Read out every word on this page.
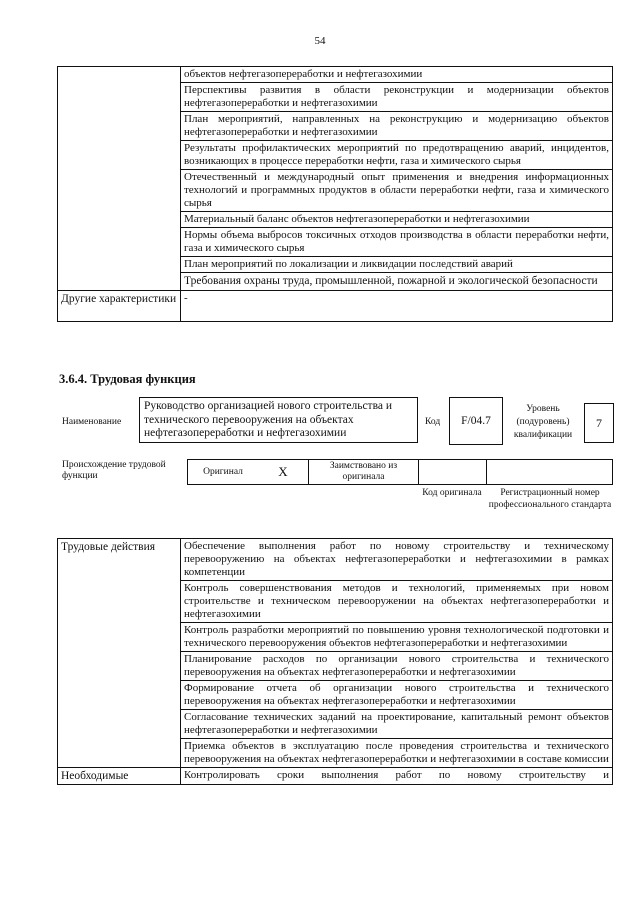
54
	объектов нефтегазопереработки и нефтегазохимии
	Перспективы развития в области реконструкции и модернизации объектов нефтегазопереработки и нефтегазохимии
	План мероприятий, направленных на реконструкцию и модернизацию объектов нефтегазопереработки и нефтегазохимии
	Результаты профилактических мероприятий по предотвращению аварий, инцидентов, возникающих в процессе переработки нефти, газа и химического сырья
	Отечественный и международный опыт применения и внедрения информационных технологий и программных продуктов в области переработки нефти, газа и химического сырья
	Материальный баланс объектов нефтегазопереработки и нефтегазохимии
	Нормы объема выбросов токсичных отходов производства в области переработки нефти, газа и химического сырья
	План мероприятий по локализации и ликвидации последствий аварий
	Требования охраны труда, промышленной, пожарной и экологической безопасности
Другие характеристики	-
3.6.4. Трудовая функция
Наименование
Руководство организацией нового строительства и технического перевооружения на объектах нефтегазопереработки и нефтегазохимии
Код	F/04.7
Уровень (подуровень) квалификации
7
Происхождение трудовой функции	Оригинал	X	Заимствовано из оригинала
Код оригинала	Регистрационный номер профессионального стандарта
Трудовые действия	Обеспечение выполнения работ по новому строительству и техническому перевооружению на объектах нефтегазопереработки и нефтегазохимии в рамках компетенции
	Контроль совершенствования методов и технологий, применяемых при новом строительстве и техническом перевооружении на объектах нефтегазопереработки и нефтегазохимии
	Контроль разработки мероприятий по повышению уровня технологической подготовки и технического перевооружения объектов нефтегазопереработки и нефтегазохимии
	Планирование расходов по организации нового строительства и технического перевооружения на объектах нефтегазопереработки и нефтегазохимии
	Формирование отчета об организации нового строительства и технического перевооружения на объектах нефтегазопереработки и нефтегазохимии
	Согласование технических заданий на проектирование, капитальный ремонт объектов нефтегазопереработки и нефтегазохимии
	Приемка объектов в эксплуатацию после проведения строительства и технического перевооружения на объектах нефтегазопереработки и нефтегазохимии в составе комиссии
Необходимые	Контролировать сроки выполнения работ по новому строительству и
